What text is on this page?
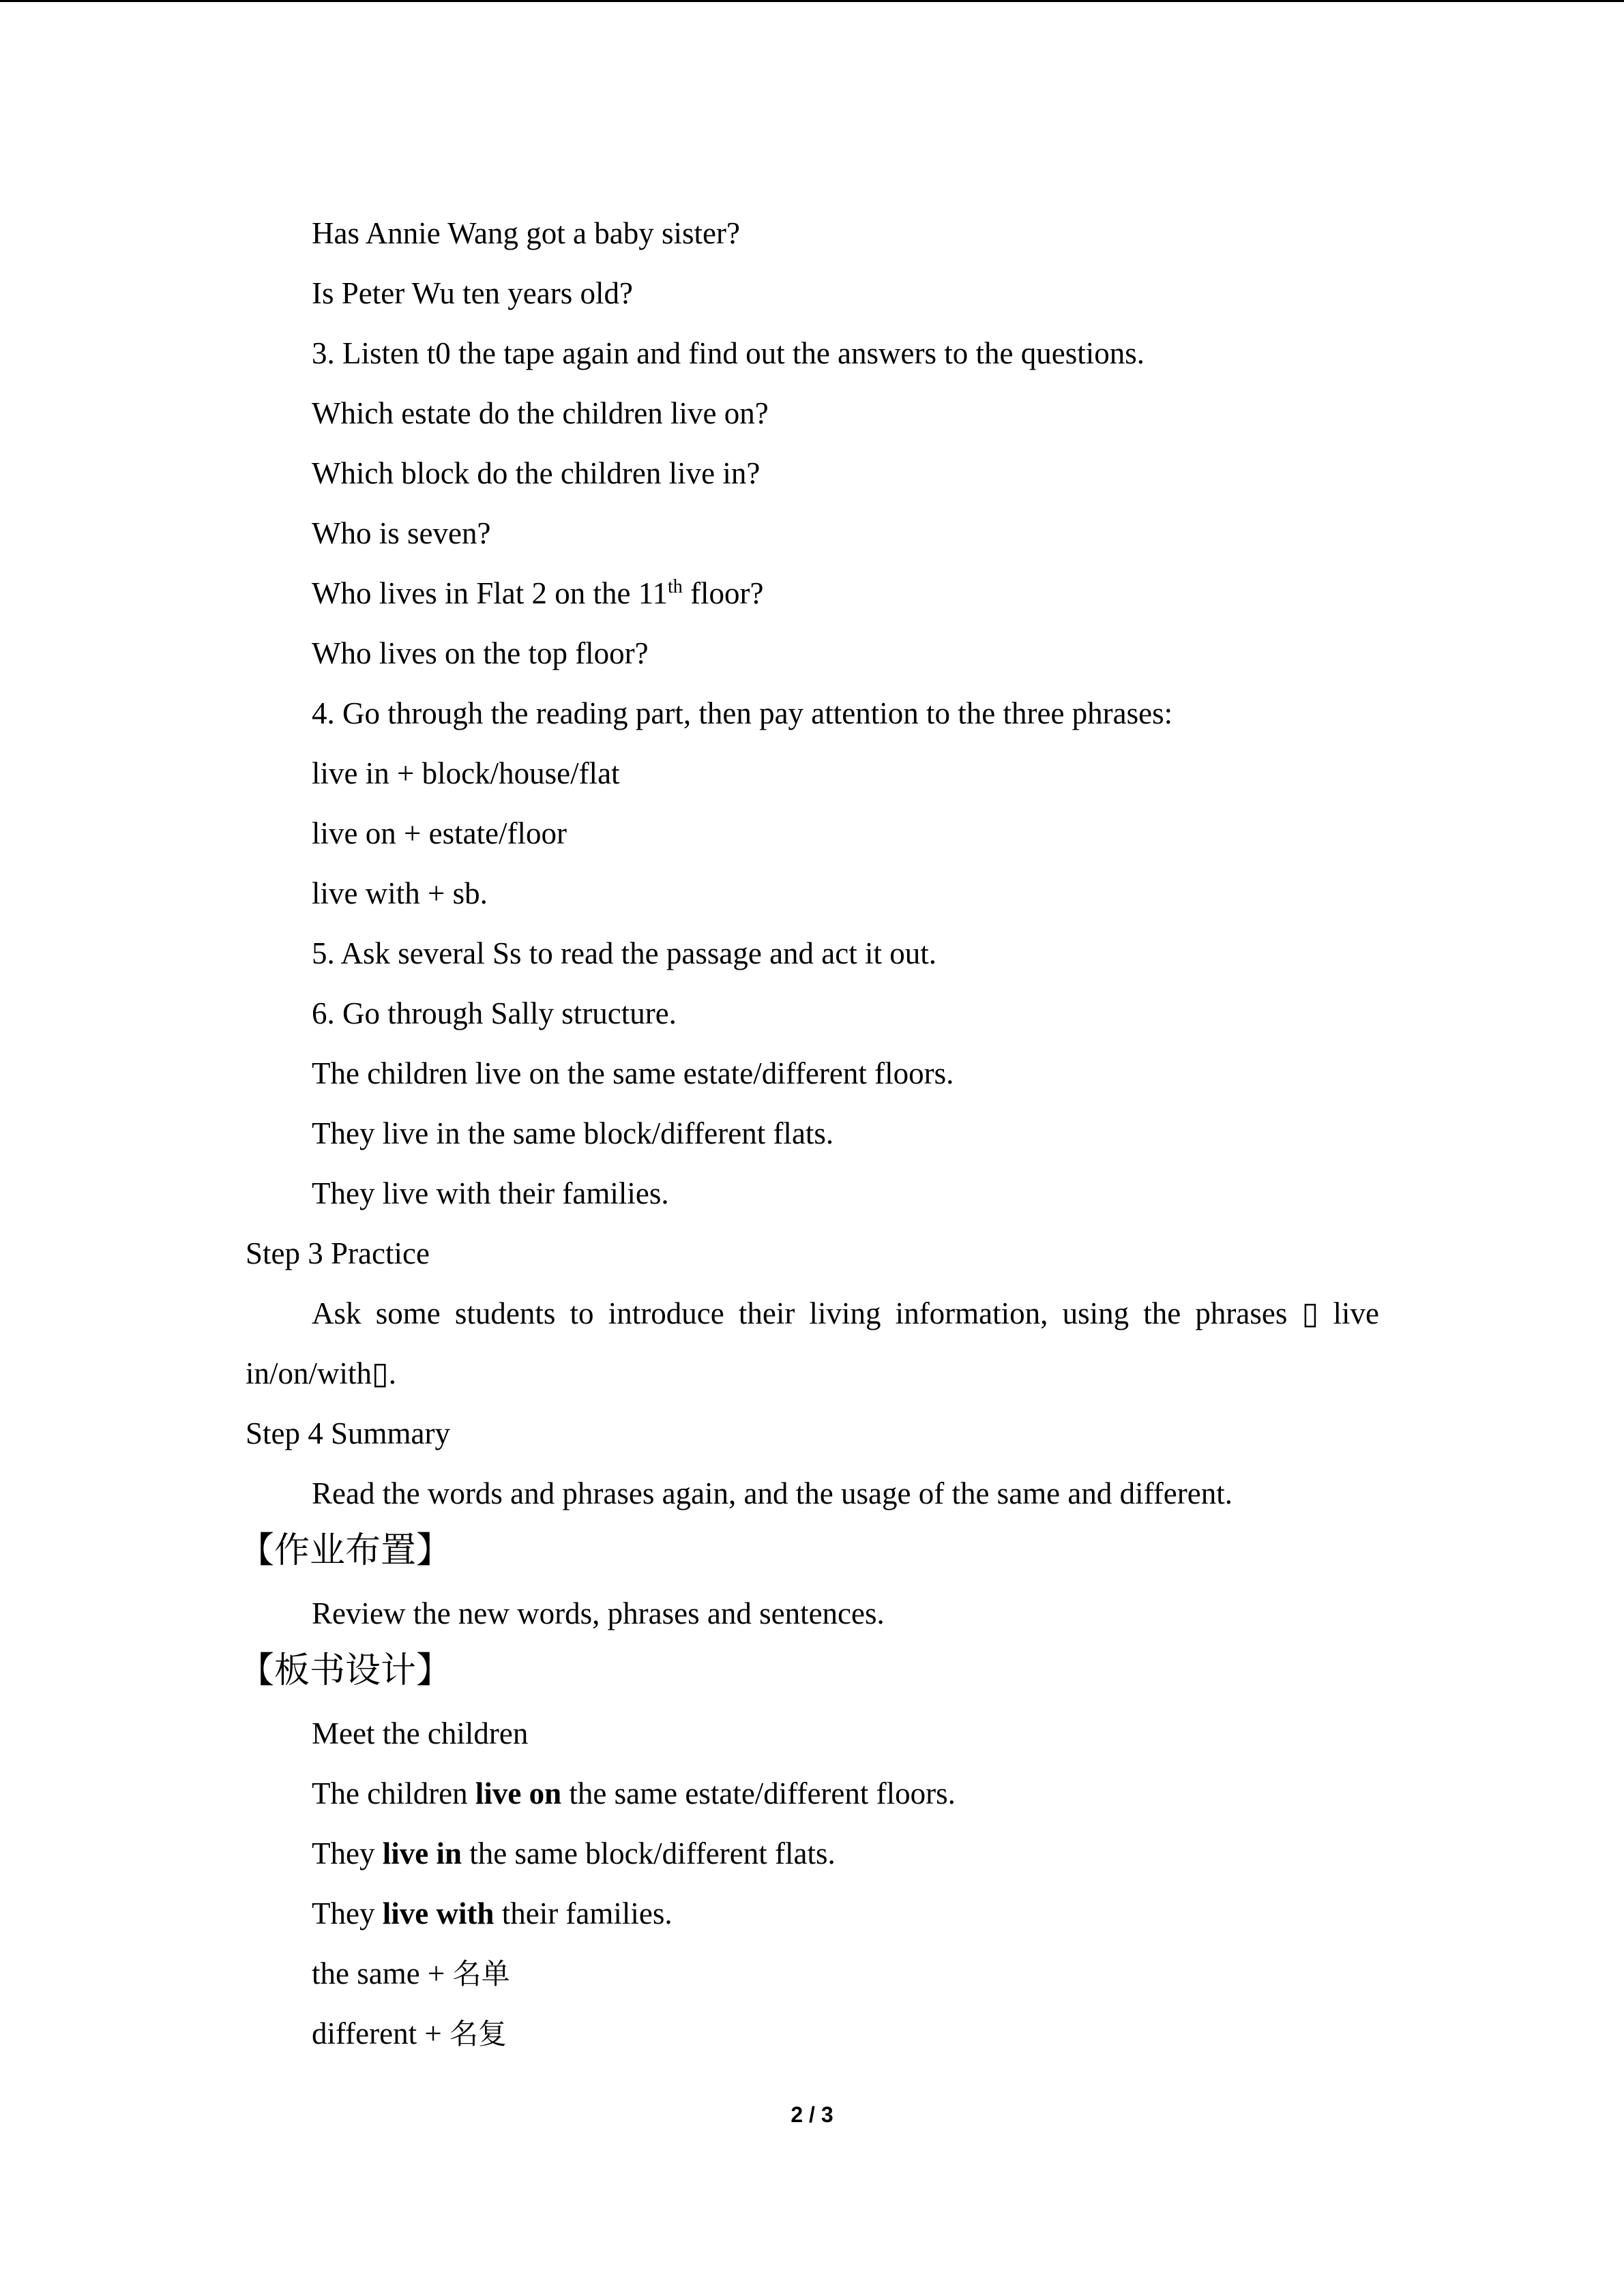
Has Annie Wang got a baby sister?
Is Peter Wu ten years old?
3. Listen t0 the tape again and find out the answers to the questions.
Which estate do the children live on?
Which block do the children live in?
Who is seven?
Who lives in Flat 2 on the 11th floor?
Who lives on the top floor?
4. Go through the reading part, then pay attention to the three phrases:
live in + block/house/flat
live on + estate/floor
live with + sb.
5. Ask several Ss to read the passage and act it out.
6. Go through Sally structure.
The children live on the same estate/different floors.
They live in the same block/different flats.
They live with their families.
Step 3 Practice
Ask some students to introduce their living information, using the phrases ▯ live
in/on/with▯.
Step 4 Summary
Read the words and phrases again, and the usage of the same and different.
【作业布置】
Review the new words, phrases and sentences.
【板书设计】
Meet the children
The children live on the same estate/different floors.
They live in the same block/different flats.
They live with their families.
the same + 名单
different + 名复
2 / 3
